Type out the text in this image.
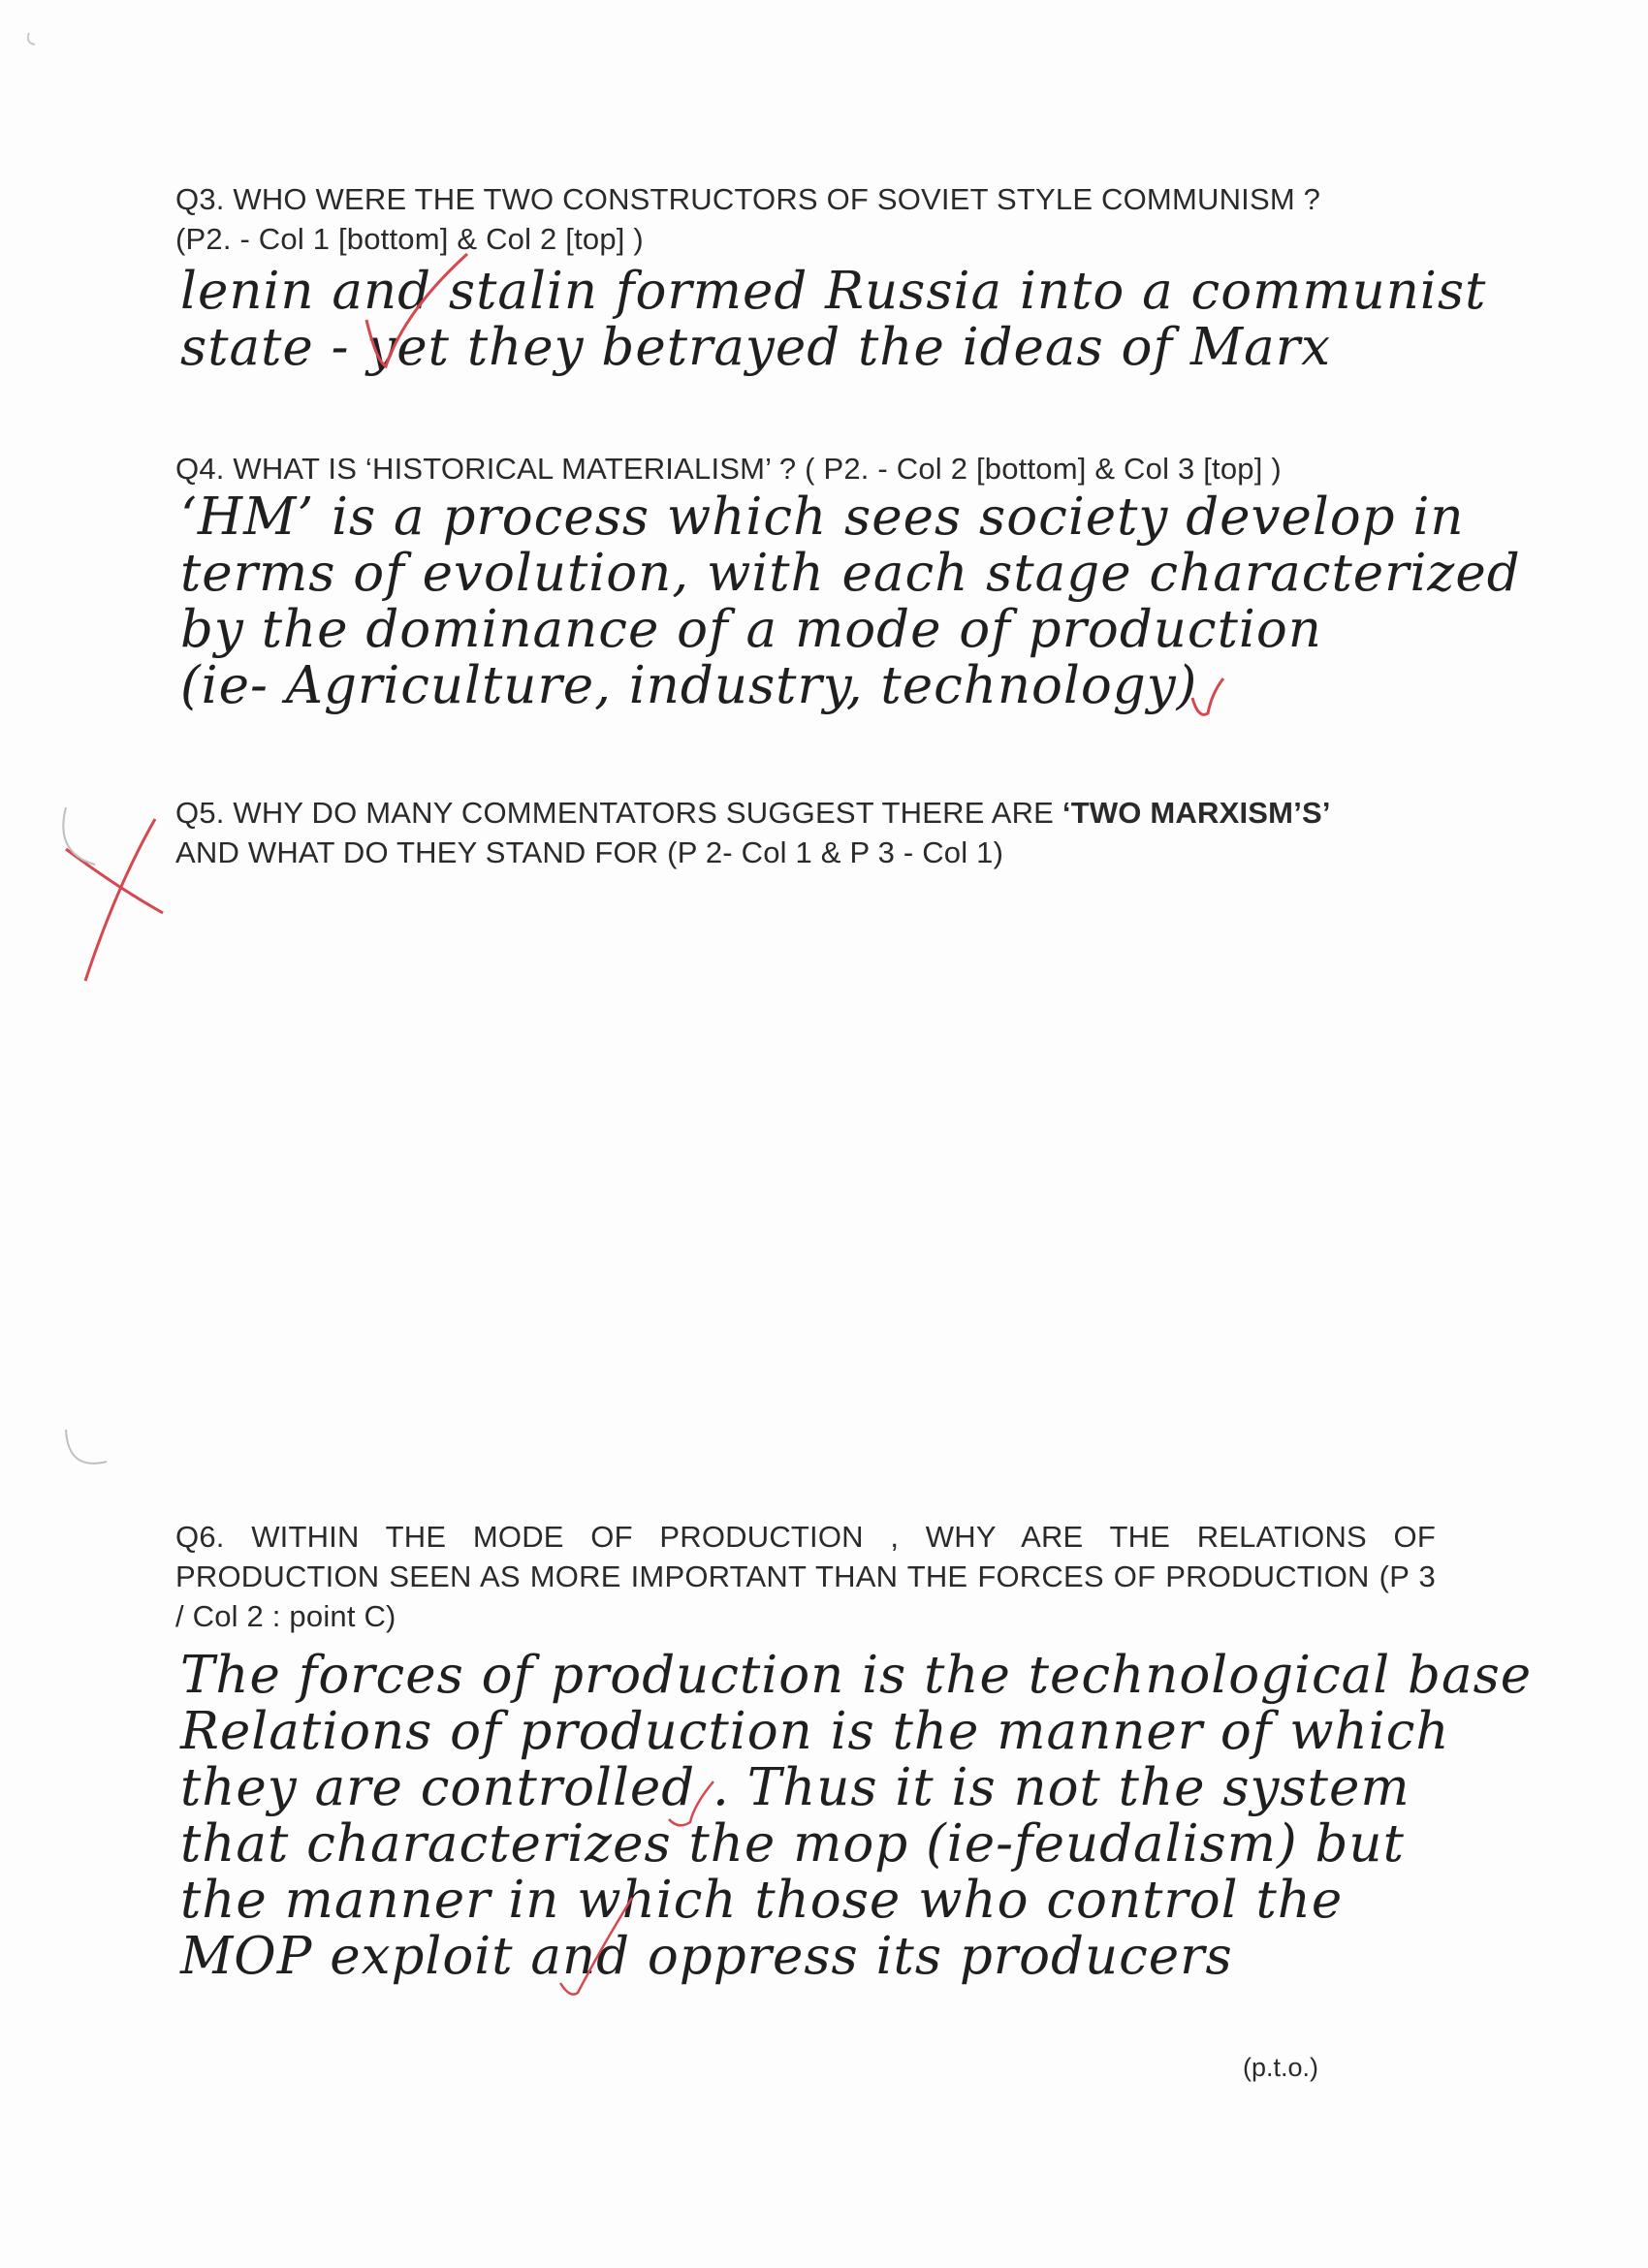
Q3. WHO WERE THE TWO CONSTRUCTORS OF SOVIET STYLE COMMUNISM ?
(P2. - Col 1 [bottom] & Col 2 [top] )
lenin and stalin formed Russia into a communist
state - yet they betrayed the ideas of Marx
Q4. WHAT IS ‘HISTORICAL MATERIALISM’ ? ( P2. - Col 2 [bottom] & Col 3 [top] )
‘HM’ is a process which sees society develop in
terms of evolution, with each stage characterized
by the dominance of a mode of production
(ie- Agriculture, industry, technology)
Q5. WHY DO MANY COMMENTATORS SUGGEST THERE ARE ‘TWO MARXISM’S’
AND WHAT DO THEY STAND FOR (P 2- Col 1 & P 3 - Col 1)
Q6. WITHIN THE MODE OF PRODUCTION , WHY ARE THE RELATIONS OF PRODUCTION SEEN AS MORE IMPORTANT THAN THE FORCES OF PRODUCTION (P 3 / Col 2 : point C)
The forces of production is the technological base
Relations of production is the manner of which
they are controlled . Thus it is not the system
that characterizes the mop (ie-feudalism) but
the manner in which those who control the
MOP exploit and oppress its producers
(p.t.o.)
